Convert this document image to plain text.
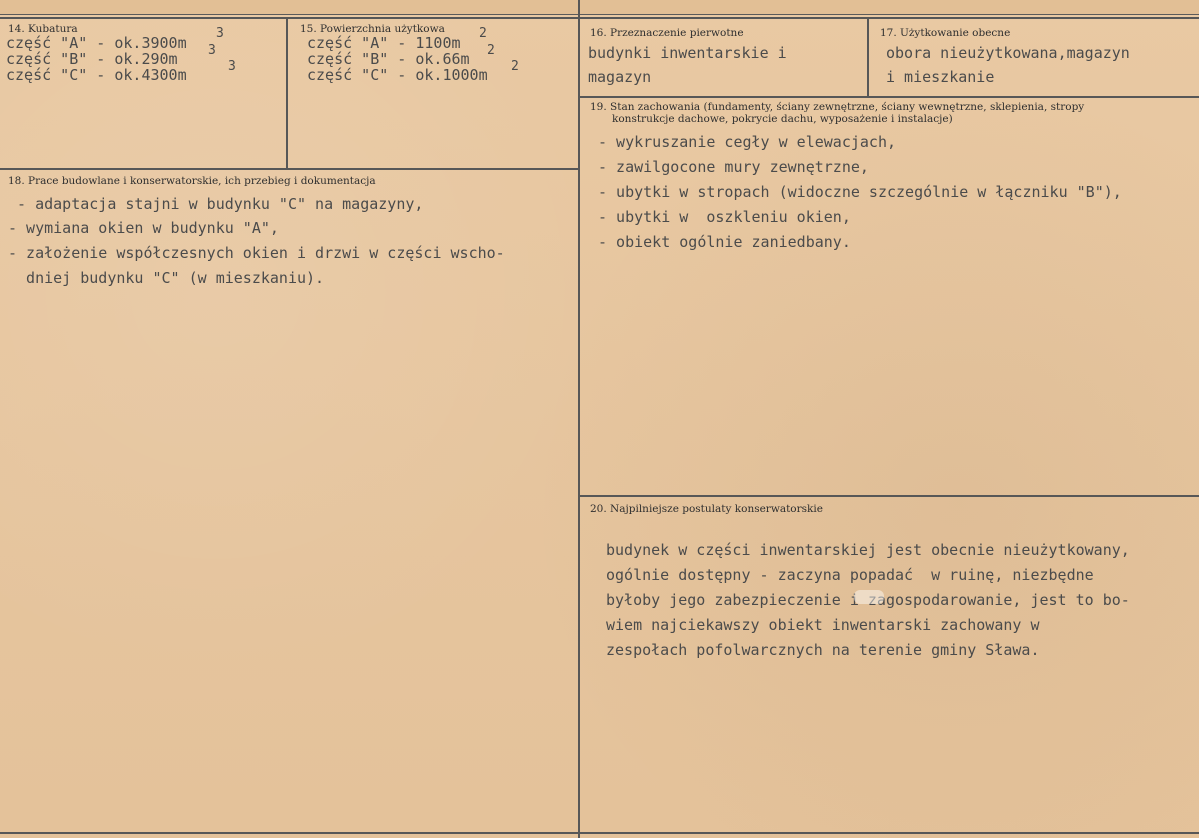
14. Kubatura
część "A" - ok.3900m
część "B" - ok.290m
część "C" - ok.4300m
3
3
3
15. Powierzchnia użytkowa
część "A" - 1100m
część "B" - ok.66m
część "C" - ok.1000m
2
2
2
16. Przeznaczenie pierwotne
budynki inwentarskie i
magazyn
17. Użytkowanie obecne
obora nieużytkowana,magazyn
i mieszkanie
18. Prace budowlane i konserwatorskie, ich przebieg i dokumentacja
- adaptacja stajni w budynku "C" na magazyny,
- wymiana okien w budynku "A",
- założenie współczesnych okien i drzwi w części wscho-
dniej budynku "C" (w mieszkaniu).
19. Stan zachowania (fundamenty, ściany zewnętrzne, ściany wewnętrzne, sklepienia, stropy
konstrukcje dachowe, pokrycie dachu, wyposażenie i instalacje)
- wykruszanie cegły w elewacjach,
- zawilgocone mury zewnętrzne,
- ubytki w stropach (widoczne szczególnie w łączniku "B"),
- ubytki w  oszkleniu okien,
- obiekt ogólnie zaniedbany.
20. Najpilniejsze postulaty konserwatorskie
budynek w części inwentarskiej jest obecnie nieużytkowany,
ogólnie dostępny - zaczyna popadać  w ruinę, niezbędne
byłoby jego zabezpieczenie i zagospodarowanie, jest to bo-
wiem najciekawszy obiekt inwentarski zachowany w
zespołach pofolwarcznych na terenie gminy Sława.
